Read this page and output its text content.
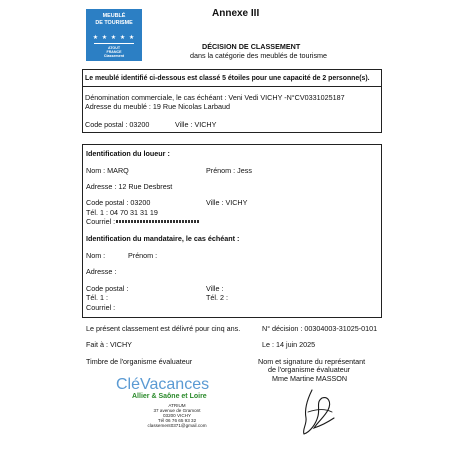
MEUBLÉ
DE TOURISME
★ ★ ★ ★ ★
ATOUT
FRANCE
Classement
Annexe III
DÉCISION DE CLASSEMENT
dans la catégorie des meublés de tourisme
Le meublé identifié ci-dessous est classé 5 étoiles pour une capacité de 2 personne(s).
Dénomination commerciale, le cas échéant : Veni Vedi VICHY -N°CV0331025187
Adresse du meublé : 19 Rue Nicolas Larbaud
Code postal : 03200	Ville : VICHY
Identification du loueur :
Nom : MARQ	Prénom : Jess
Adresse : 12 Rue Desbrest
Code postal : 03200	Ville : VICHY
Tél. 1 : 04 70 31 31 19
Courriel :
Identification du mandataire, le cas échéant :
Nom :	Prénom :
Adresse :
Code postal :	Ville :
Tél. 1 :	Tél. 2 :
Courriel :
Le présent classement est délivré pour cinq ans.	N° décision : 00304003-31025-0101
Fait à : VICHY	Le : 14 juin 2025
Timbre de l'organisme évaluateur	Nom et signature du représentant
de l'organisme évaluateur
Mme Martine MASSON
CléVacances
Allier & Saône et Loire
ATRIUM
37 avenue de Gramont
03200 VICHY
Tél 06 76 65 93 32
classement0371@gmail.com
